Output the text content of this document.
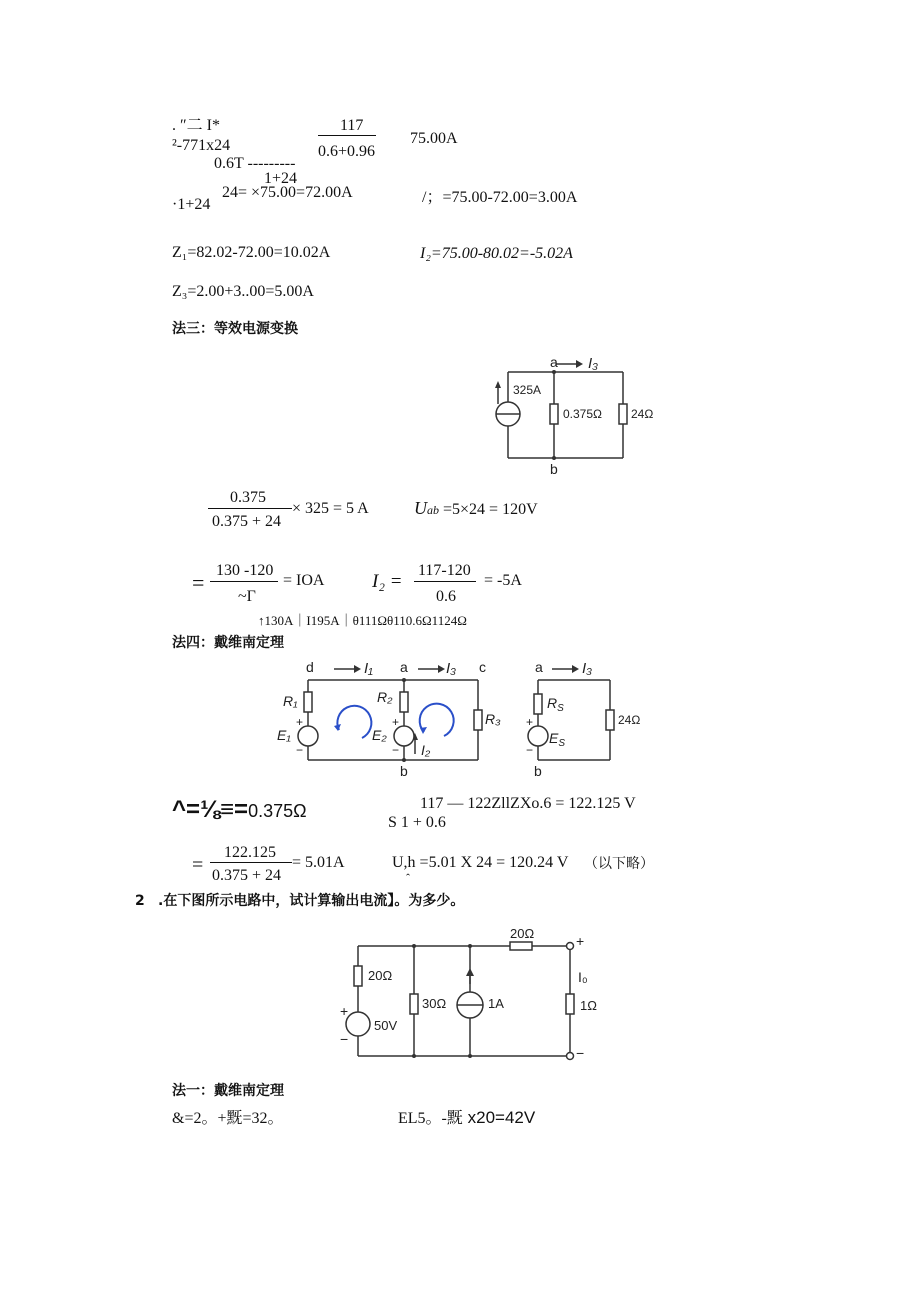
. ″二 I*	117
0.6+0.96
75.00A
²-771x24
0.6T ---------
1+24
·1+24
24= ×75.00=72.00A	/；=75.00-72.00=3.00A
Z₁=82.02-72.00=10.02A	I₂=75.00-80.02=-5.02A
Z₃=2.00+3..00=5.00A
法三：等效电源变换
a I₃
325A
0.375Ω 24Ω
b
0.375
0.375 + 24
× 325 = 5 A	Uab =5×24 = 120V
= 130 -120
~Г
= IOA	I₂ =
117-120
0.6
= -5A
↑130A｜I195A｜θ111Ωθ110.6Ω1124Ω
法四：戴维南定理
d	I₁ a	I₃ c
R₁	R₂
R₃
+
E₁
−
+
E₂
− I₂
b
a	I₃
$R_S$
+
$E_S$
−
24Ω
b
^=⅛≡=0.375Ω	117 — 122ZllZXo.6 = 122.125 V
S 1 + 0.6
=
122.125
0.375 + 24
= 5.01A	U,h =5.01 X 24 = 120.24 V （以下略）
ˆ
2 .在下图所示电路中，试计算输出电流】。为多少。
20Ω
20Ω
+
50V
−
30Ω	1A
+
I₀
1Ω
−
法一：戴维南定理
&=2。+黖=32。	EL5。-黖 x20=42V
